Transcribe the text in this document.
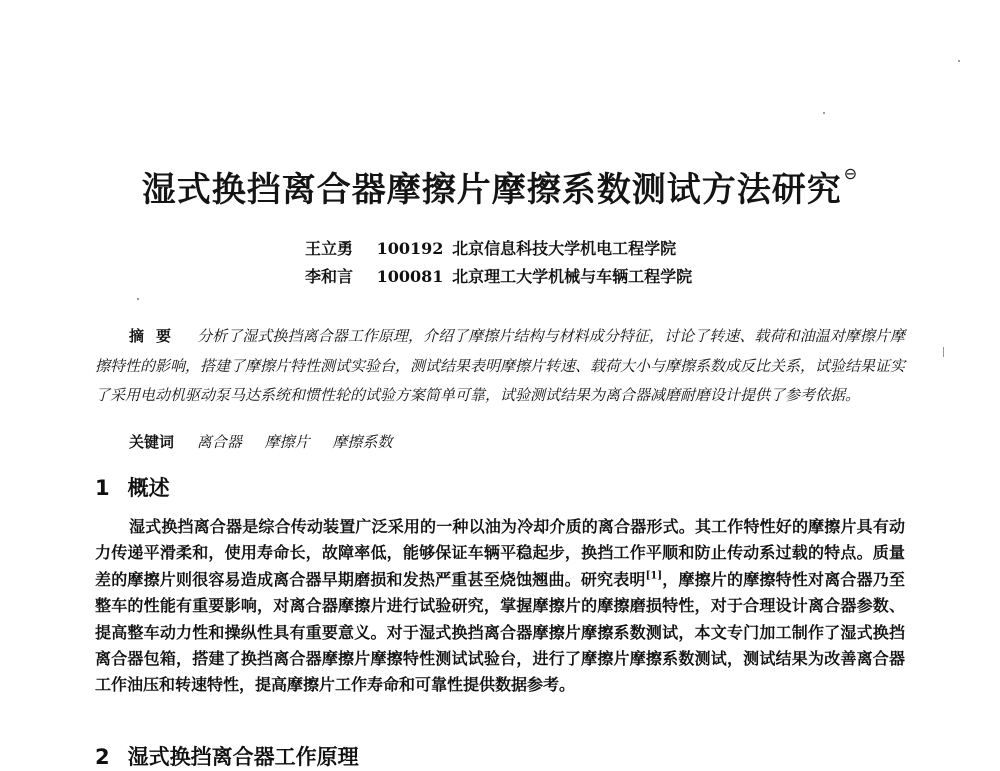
湿式换挡离合器摩擦片摩擦系数测试方法研究 ⊖
王立勇 100192 北京信息科技大学机电工程学院
李和言 100081 北京理工大学机械与车辆工程学院
摘要 分析了湿式换挡离合器工作原理，介绍了摩擦片结构与材料成分特征，讨论了转速、载荷和油温对摩擦片摩擦特性的影响，搭建了摩擦片特性测试实验台，测试结果表明摩擦片转速、载荷大小与摩擦系数成反比关系，试验结果证实了采用电动机驱动泵马达系统和惯性轮的试验方案简单可靠，试验测试结果为离合器减磨耐磨设计提供了参考依据。
关键词 离合器 摩擦片 摩擦系数
1 概述
湿式换挡离合器是综合传动装置广泛采用的一种以油为冷却介质的离合器形式。其工作特性好的摩擦片具有动力传递平滑柔和，使用寿命长，故障率低，能够保证车辆平稳起步，换挡工作平顺和防止传动系过载的特点。质量差的摩擦片则很容易造成离合器早期磨损和发热严重甚至烧蚀翘曲。研究表明[1]，摩擦片的摩擦特性对离合器乃至整车的性能有重要影响，对离合器摩擦片进行试验研究，掌握摩擦片的摩擦磨损特性，对于合理设计离合器参数、提高整车动力性和操纵性具有重要意义。对于湿式换挡离合器摩擦片摩擦系数测试，本文专门加工制作了湿式换挡离合器包箱，搭建了换挡离合器摩擦片摩擦特性测试试验台，进行了摩擦片摩擦系数测试，测试结果为改善离合器工作油压和转速特性，提高摩擦片工作寿命和可靠性提供数据参考。
2 湿式换挡离合器工作原理
